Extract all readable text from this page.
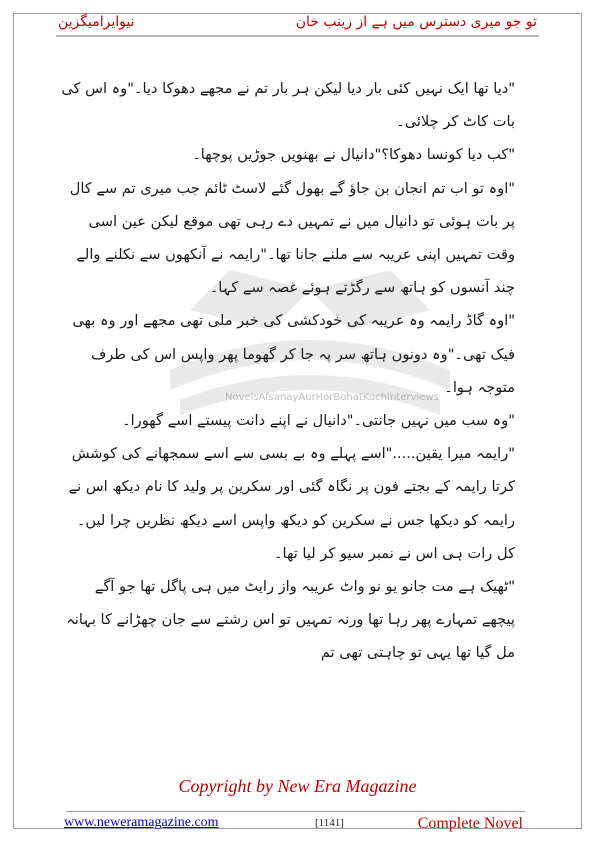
نیوایرامیگزین	تو جو میری دسترس میں ہے از زینب خان
NovelsAfsanayAurHorBohatKuchInterviews

"دیا تھا ایک نہیں کئی بار دیا لیکن ہر بار تم نے مجھے دھوکا دیا۔"وہ اس کی بات کاٹ کر چلائی۔

"کب دیا کونسا دھوکا؟"دانیال نے بھنویں جوڑیں پوچھا۔

"اوہ تو اب تم انجان بن جاؤ گے بھول گئے لاسٹ ٹائم جب میری تم سے کال پر بات ہوئی تو دانیال میں نے تمہیں دے رہی تھی موقع لیکن عین اسی وقت تمہیں اپنی عریبہ سے ملنے جانا تھا۔"رایمہ نے آنکھوں سے نکلنے والے چند آنسوں کو ہاتھ سے رگڑتے ہوئے غصہ سے کہا۔

"اوہ گاڈ رایمہ وہ عریبہ کی خودکشی کی خبر ملی تھی مجھے اور وہ بھی فیک تھی۔"وہ دونوں ہاتھ سر پہ جا کر گھوما پھر واپس اس کی طرف متوجہ ہوا۔

"وہ سب میں نہیں جانتی۔"دانیال نے اپنے دانت پیستے اسے گھورا۔

"رایمہ میرا یقین....."اسے پہلے وہ بے بسی سے اسے سمجھانے کی کوشش کرتا رایمہ کے بجتے فون پر نگاہ گئی اور سکرین پر ولید کا نام دیکھ اس نے رایمہ کو دیکھا جس نے سکرین کو دیکھ واپس اسے دیکھ نظریں چرا لیں۔ کل رات ہی اس نے نمبر سیو کر لیا تھا۔

"ٹھیک ہے مت جانو یو نو واٹ عریبہ واز رایٹ میں ہی پاگل تھا جو آگے پیچھے تمہارے پھر رہا تھا ورنہ تمہیں تو اس رشتے سے جان چھڑانے کا بہانہ مل گیا تھا یہی تو چاہتی تھی تم

Copyright by New Era Magazine
www.neweramagazine.com	[1141]	Complete Novel
